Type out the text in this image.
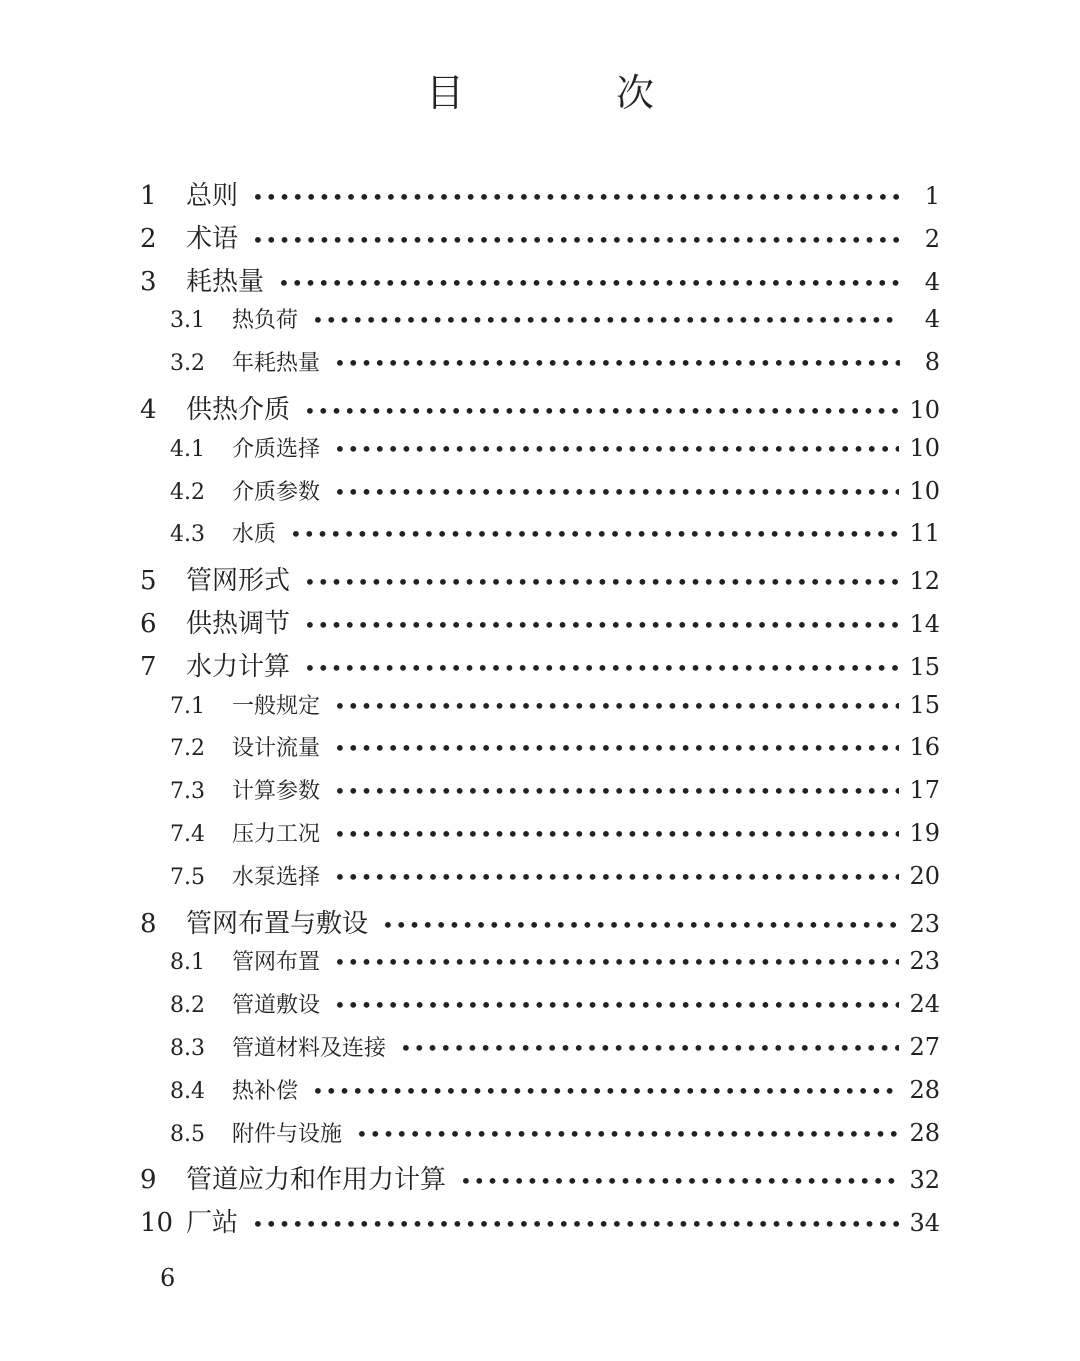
目 次
1	总则 •••••	1
2	术语 •••••	2
3	耗热量 •••••	4
3.1	热负荷 •••••	4
3.2	年耗热量 •••••	8
4	供热介质 •••••	10
4.1	介质选择 •••••	10
4.2	介质参数 •••••	10
4.3	水质 •••••	11
5	管网形式 •••••	12
6	供热调节 •••••	14
7	水力计算 •••••	15
7.1	一般规定 •••••	15
7.2	设计流量 •••••	16
7.3	计算参数 •••••	17
7.4	压力工况 •••••	19
7.5	水泵选择 •••••	20
8	管网布置与敷设 •••••	23
8.1	管网布置 •••••	23
8.2	管道敷设 •••••	24
8.3	管道材料及连接 •••••	27
8.4	热补偿 •••••	28
8.5	附件与设施 •••••	28
9	管道应力和作用力计算 •••••	32
10 厂站 •••••	34
6
